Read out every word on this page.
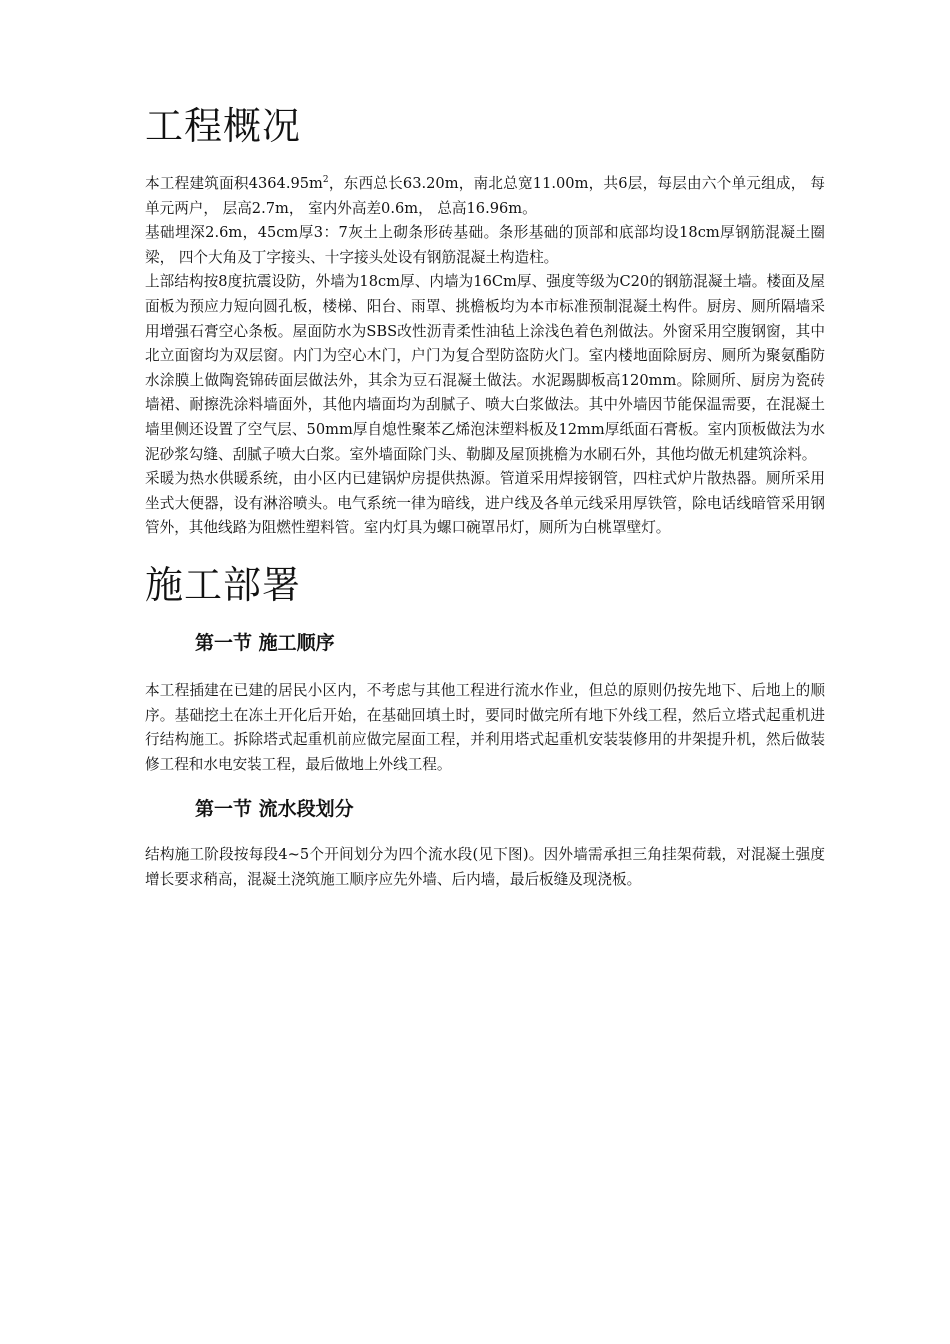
工程概况

本工程建筑面积$4364.95m^2$，东西总长63.20m，南北总宽11.00m，共6层，每层由六个单元组成， 每单元两户， 层高2.7m， 室内外高差0.6m， 总高16.96m。

基础埋深2.6m，45cm厚3：7灰土上砌条形砖基础。条形基础的顶部和底部均设18cm厚钢筋混凝土圈梁， 四个大角及丁字接头、十字接头处设有钢筋混凝土构造柱。

上部结构按8度抗震设防，外墙为18cm厚、内墙为16Cm厚、强度等级为C20的钢筋混凝土墙。楼面及屋面板为预应力短向圆孔板，楼梯、阳台、雨罩、挑檐板均为本市标准预制混凝土构件。厨房、厕所隔墙采用增强石膏空心条板。屋面防水为SBS改性沥青柔性油毡上涂浅色着色剂做法。外窗采用空腹钢窗，其中北立面窗均为双层窗。内门为空心木门，户门为复合型防盗防火门。室内楼地面除厨房、厕所为聚氨酯防水涂膜上做陶瓷锦砖面层做法外，其余为豆石混凝土做法。水泥踢脚板高120mm。除厕所、厨房为瓷砖墙裙、耐擦洗涂料墙面外，其他内墙面均为刮腻子、喷大白浆做法。其中外墙因节能保温需要，在混凝土墙里侧还设置了空气层、50mm厚自熄性聚苯乙烯泡沫塑料板及12mm厚纸面石膏板。室内顶板做法为水泥砂浆勾缝、刮腻子喷大白浆。室外墙面除门头、勒脚及屋顶挑檐为水刷石外，其他均做无机建筑涂料。

采暖为热水供暖系统，由小区内已建锅炉房提供热源。管道采用焊接钢管，四柱式炉片散热器。厕所采用坐式大便器，设有淋浴喷头。电气系统一律为暗线，进户线及各单元线采用厚铁管，除电话线暗管采用钢管外，其他线路为阻燃性塑料管。室内灯具为螺口碗罩吊灯，厕所为白桃罩壁灯。

施工部署
第一节 施工顺序

本工程插建在已建的居民小区内，不考虑与其他工程进行流水作业，但总的原则仍按先地下、后地上的顺序。基础挖土在冻土开化后开始，在基础回填土时，要同时做完所有地下外线工程，然后立塔式起重机进行结构施工。拆除塔式起重机前应做完屋面工程，并利用塔式起重机安装装修用的井架提升机，然后做装修工程和水电安装工程，最后做地上外线工程。

第一节 流水段划分

结构施工阶段按每段4~5个开间划分为四个流水段(见下图)。因外墙需承担三角挂架荷载，对混凝土强度增长要求稍高，混凝土浇筑施工顺序应先外墙、后内墙，最后板缝及现浇板。
